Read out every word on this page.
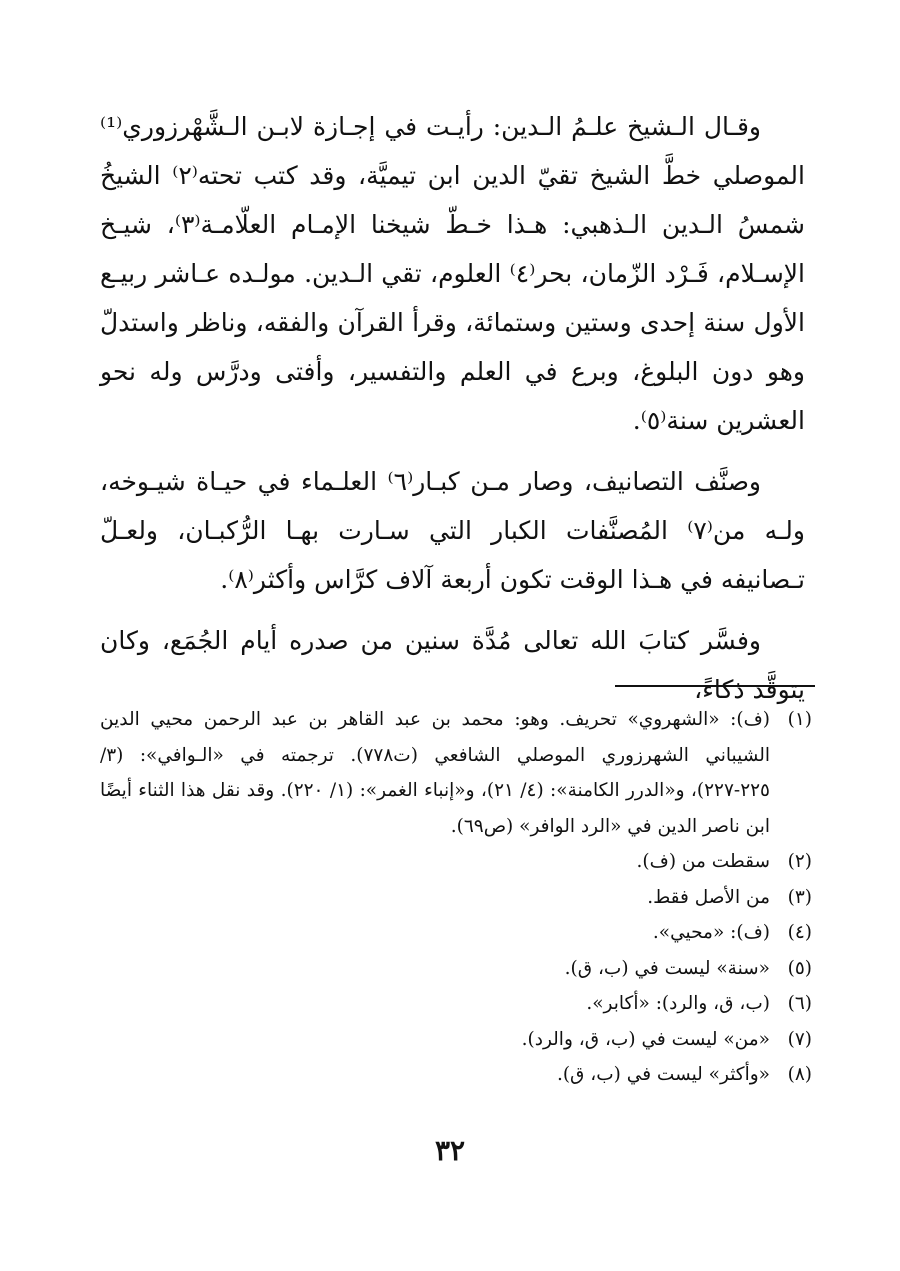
وقـال الـشيخ علـمُ الـدين: رأيـت في إجـازة لابـن الـشَّهْرزوري⁽¹⁾ الموصلي خطَّ الشيخ تقيّ الدين ابن تيميَّة، وقد كتب تحته⁽٢⁾ الشيخُ شمسُ الـدين الـذهبي: هـذا خـطّ شيخنا الإمـام العلّامـة⁽٣⁾، شيـخ الإسـلام، فَـرْد الزّمان، بحر⁽٤⁾ العلوم، تقي الـدين. مولـده عـاشر ربيـع الأول سنة إحدى وستين وستمائة، وقرأ القرآن والفقه، وناظر واستدلّ وهو دون البلوغ، وبرع في العلم والتفسير، وأفتى ودرَّس وله نحو العشرين سنة⁽٥⁾.

وصنَّف التصانيف، وصار مـن كبـار⁽٦⁾ العلـماء في حيـاة شيـوخه، ولـه من⁽٧⁾ المُصنَّفات الكبار التي سـارت بهـا الرُّكبـان، ولعـلّ تـصانيفه في هـذا الوقت تكون أربعة آلاف كرَّاس وأكثر⁽٨⁾.

وفسَّر كتابَ الله تعالى مُدَّة سنين من صدره أيام الجُمَع، وكان يتوقَّد ذكاءً،

(١)
(ف): «الشهروي» تحريف. وهو: محمد بن عبد القاهر بن عبد الرحمن محيي الدين الشيباني الشهرزوري الموصلي الشافعي (ت٧٧٨). ترجمته في «الـوافي»: (٣/ ٢٢٥-٢٢٧)، و«الدرر الكامنة»: (٤/ ٢١)، و«إنباء الغمر»: (١/ ٢٢٠). وقد نقل هذا الثناء أيضًا ابن ناصر الدين في «الرد الوافر» (ص٦٩).
(٢)
سقطت من (ف).
(٣)
من الأصل فقط.
(٤)
(ف): «محيي».
(٥)
«سنة» ليست في (ب، ق).
(٦)
(ب، ق، والرد): «أكابر».
(٧)
«من» ليست في (ب، ق، والرد).
(٨)
«وأكثر» ليست في (ب، ق).
٣٢
